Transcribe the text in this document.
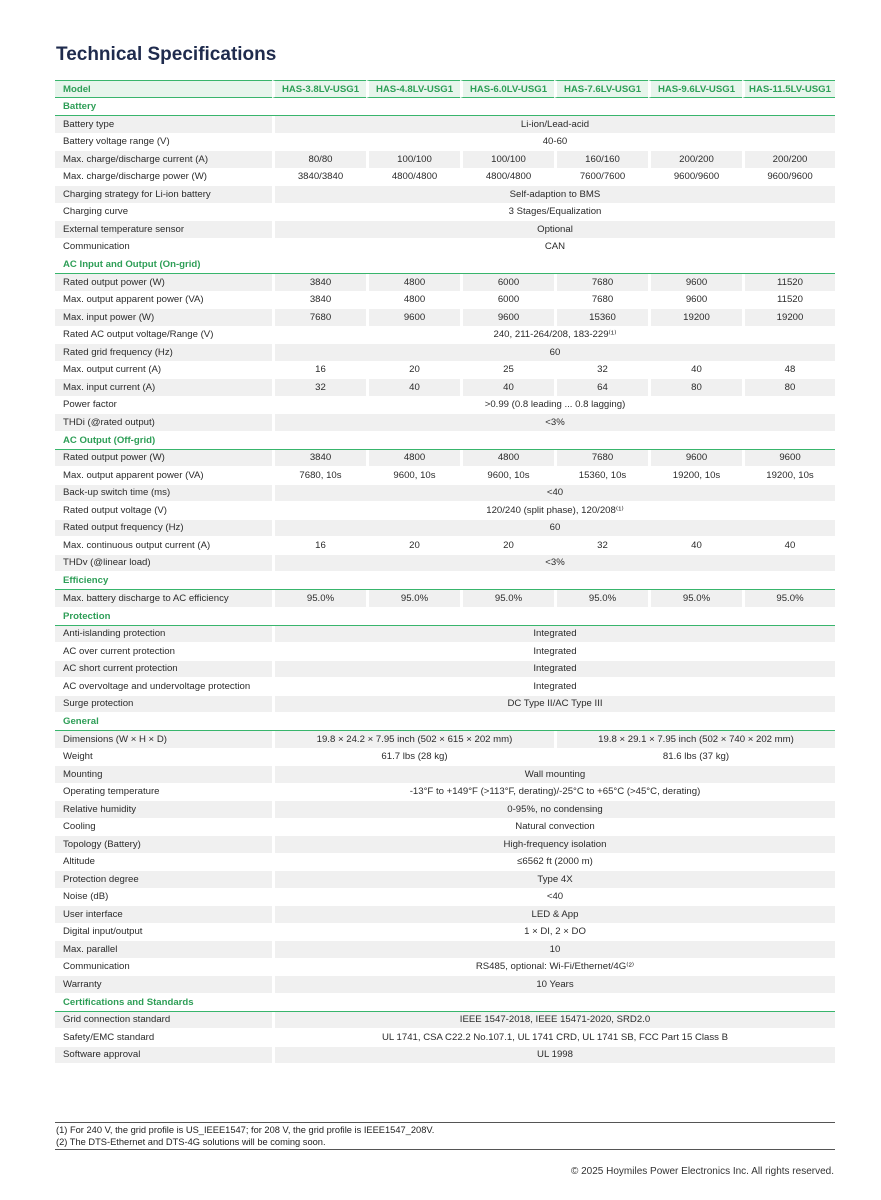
Technical Specifications
Model	HAS-3.8LV-USG1	HAS-4.8LV-USG1	HAS-6.0LV-USG1	HAS-7.6LV-USG1	HAS-9.6LV-USG1	HAS-11.5LV-USG1
Battery						
Battery type	Li-ion/Lead-acid					
Battery voltage range (V)	40-60					
Max. charge/discharge current (A)	80/80	100/100	100/100	160/160	200/200	200/200
Max. charge/discharge power (W)	3840/3840	4800/4800	4800/4800	7600/7600	9600/9600	9600/9600
Charging strategy for Li-ion battery	Self-adaption to BMS					
Charging curve	3 Stages/Equalization					
External temperature sensor	Optional					
Communication	CAN					
AC Input and Output (On-grid)						
Rated output power (W)	3840	4800	6000	7680	9600	11520
Max. output apparent power (VA)	3840	4800	6000	7680	9600	11520
Max. input power (W)	7680	9600	9600	15360	19200	19200
Rated AC output voltage/Range (V)	240, 211-264/208, 183-229⁽¹⁾					
Rated grid frequency (Hz)	60					
Max. output current (A)	16	20	25	32	40	48
Max. input current (A)	32	40	40	64	80	80
Power factor	>0.99 (0.8 leading ... 0.8 lagging)					
THDi (@rated output)	<3%					
AC Output (Off-grid)						
Rated output power (W)	3840	4800	4800	7680	9600	9600
Max. output apparent power (VA)	7680, 10s	9600, 10s	9600, 10s	15360, 10s	19200, 10s	19200, 10s
Back-up switch time (ms)	<40					
Rated output voltage (V)	120/240 (split phase), 120/208⁽¹⁾					
Rated output frequency (Hz)	60					
Max. continuous output current (A)	16	20	20	32	40	40
THDv (@linear load)	<3%					
Efficiency						
Max. battery discharge to AC efficiency	95.0%	95.0%	95.0%	95.0%	95.0%	95.0%
Protection						
Anti-islanding protection	Integrated					
AC over current protection	Integrated					
AC short current protection	Integrated					
AC overvoltage and undervoltage protection	Integrated					
Surge protection	DC Type II/AC Type III					
General						
Dimensions (W × H × D)	19.8 × 24.2 × 7.95 inch (502 × 615 × 202 mm)			19.8 × 29.1 × 7.95 inch (502 × 740 × 202 mm)		
Weight	61.7 lbs (28 kg)			81.6 lbs (37 kg)		
Mounting	Wall mounting					
Operating temperature	-13°F to +149°F (>113°F, derating)/-25°C to +65°C (>45°C, derating)					
Relative humidity	0-95%, no condensing					
Cooling	Natural convection					
Topology (Battery)	High-frequency isolation					
Altitude	≤6562 ft (2000 m)					
Protection degree	Type 4X					
Noise (dB)	<40					
User interface	LED & App					
Digital input/output	1 × DI, 2 × DO					
Max. parallel	10					
Communication	RS485, optional: Wi-Fi/Ethernet/4G⁽²⁾					
Warranty	10 Years					
Certifications and Standards						
Grid connection standard	IEEE 1547-2018, IEEE 15471-2020, SRD2.0					
Safety/EMC standard	UL 1741, CSA C22.2 No.107.1, UL 1741 CRD, UL 1741 SB, FCC Part 15 Class B					
Software approval	UL 1998					
(1) For 240 V, the grid profile is US_IEEE1547; for 208 V, the grid profile is IEEE1547_208V.
(2) The DTS-Ethernet and DTS-4G solutions will be coming soon.
© 2025 Hoymiles Power Electronics Inc. All rights reserved.
